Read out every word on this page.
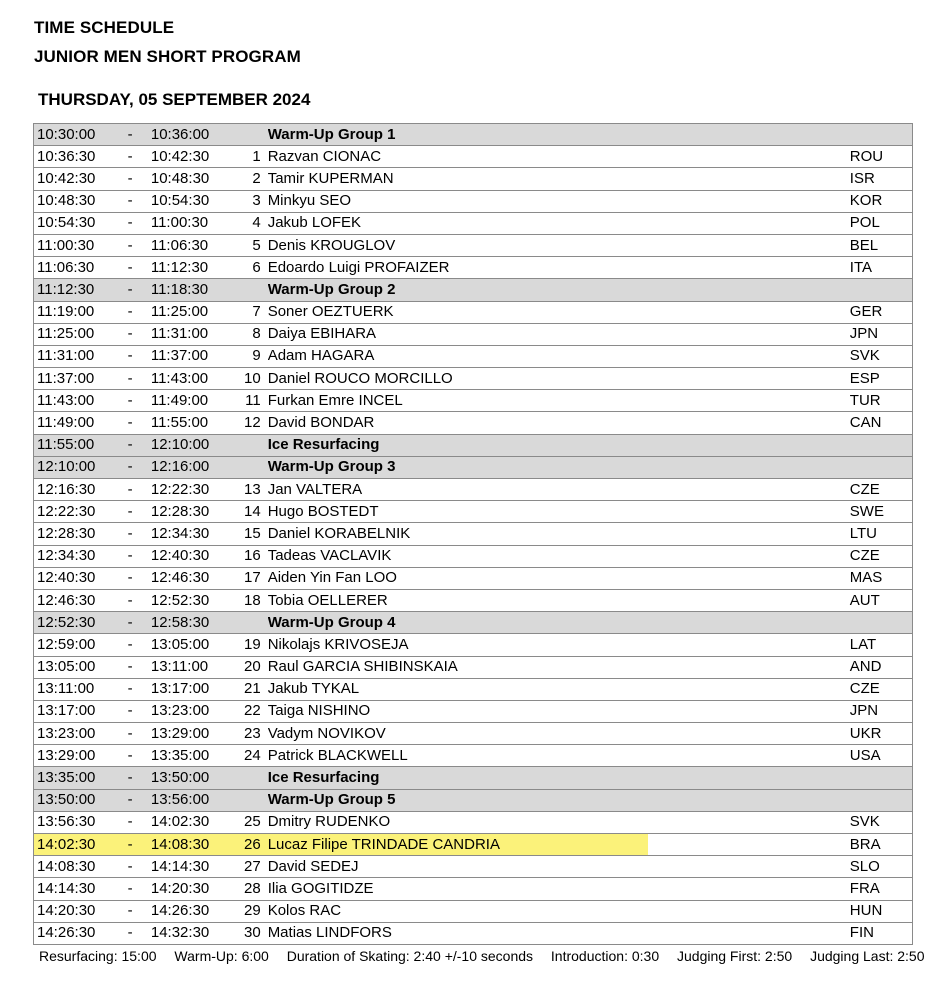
TIME SCHEDULE
JUNIOR MEN SHORT PROGRAM
THURSDAY, 05 SEPTEMBER 2024
10:30:00	-	10:36:00		Warm-Up Group 1	
10:36:30	-	10:42:30	1	Razvan CIONAC	ROU
10:42:30	-	10:48:30	2	Tamir KUPERMAN	ISR
10:48:30	-	10:54:30	3	Minkyu SEO	KOR
10:54:30	-	11:00:30	4	Jakub LOFEK	POL
11:00:30	-	11:06:30	5	Denis KROUGLOV	BEL
11:06:30	-	11:12:30	6	Edoardo Luigi PROFAIZER	ITA
11:12:30	-	11:18:30		Warm-Up Group 2	
11:19:00	-	11:25:00	7	Soner OEZTUERK	GER
11:25:00	-	11:31:00	8	Daiya EBIHARA	JPN
11:31:00	-	11:37:00	9	Adam HAGARA	SVK
11:37:00	-	11:43:00	10	Daniel ROUCO MORCILLO	ESP
11:43:00	-	11:49:00	11	Furkan Emre INCEL	TUR
11:49:00	-	11:55:00	12	David BONDAR	CAN
11:55:00	-	12:10:00		Ice Resurfacing	
12:10:00	-	12:16:00		Warm-Up Group 3	
12:16:30	-	12:22:30	13	Jan VALTERA	CZE
12:22:30	-	12:28:30	14	Hugo BOSTEDT	SWE
12:28:30	-	12:34:30	15	Daniel KORABELNIK	LTU
12:34:30	-	12:40:30	16	Tadeas VACLAVIK	CZE
12:40:30	-	12:46:30	17	Aiden Yin Fan LOO	MAS
12:46:30	-	12:52:30	18	Tobia OELLERER	AUT
12:52:30	-	12:58:30		Warm-Up Group 4	
12:59:00	-	13:05:00	19	Nikolajs KRIVOSEJA	LAT
13:05:00	-	13:11:00	20	Raul GARCIA SHIBINSKAIA	AND
13:11:00	-	13:17:00	21	Jakub TYKAL	CZE
13:17:00	-	13:23:00	22	Taiga NISHINO	JPN
13:23:00	-	13:29:00	23	Vadym NOVIKOV	UKR
13:29:00	-	13:35:00	24	Patrick BLACKWELL	USA
13:35:00	-	13:50:00		Ice Resurfacing	
13:50:00	-	13:56:00		Warm-Up Group 5	
13:56:30	-	14:02:30	25	Dmitry RUDENKO	SVK
14:02:30	-	14:08:30	26	Lucaz Filipe TRINDADE CANDRIA	BRA
14:08:30	-	14:14:30	27	David SEDEJ	SLO
14:14:30	-	14:20:30	28	Ilia GOGITIDZE	FRA
14:20:30	-	14:26:30	29	Kolos RAC	HUN
14:26:30	-	14:32:30	30	Matias LINDFORS	FIN
Resurfacing: 15:00 Warm-Up: 6:00 Duration of Skating: 2:40 +/-10 seconds Introduction: 0:30 Judging First: 2:50 Judging Last: 2:50
